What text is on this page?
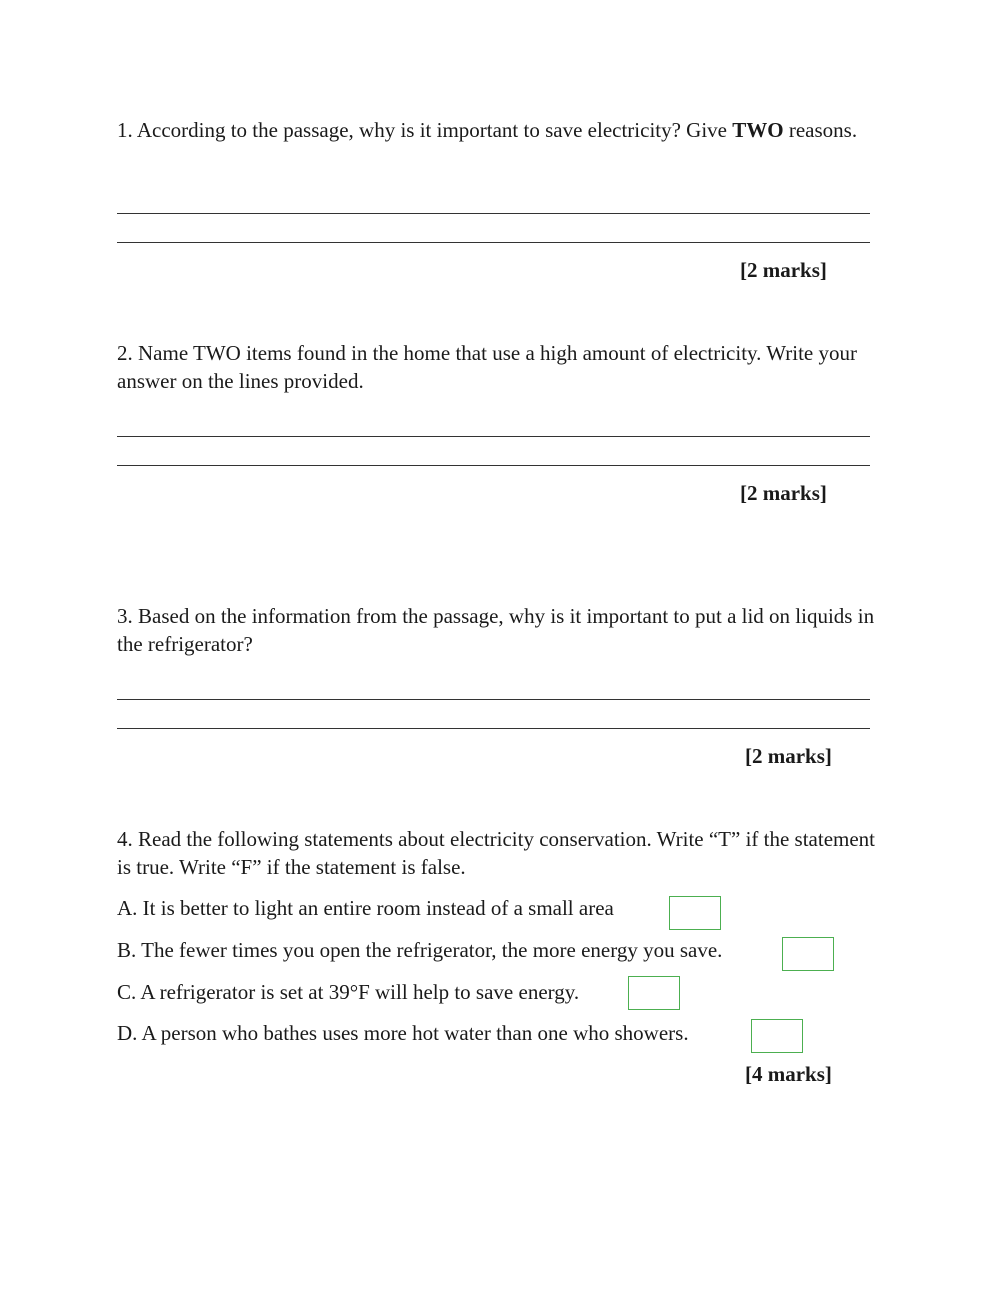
1. According to the passage, why is it important to save electricity? Give TWO reasons.

[2 marks]

2. Name TWO items found in the home that use a high amount of electricity. Write your answer on the lines provided.

[2 marks]

3. Based on the information from the passage, why is it important to put a lid on liquids in the refrigerator?

[2 marks]

4. Read the following statements about electricity conservation. Write “T” if the statement is true. Write “F” if the statement is false.

A. It is better to light an entire room instead of a small area
B. The fewer times you open the refrigerator, the more energy you save.
C. A refrigerator is set at 39°F will help to save energy.
D. A person who bathes uses more hot water than one who showers.
[4 marks]
